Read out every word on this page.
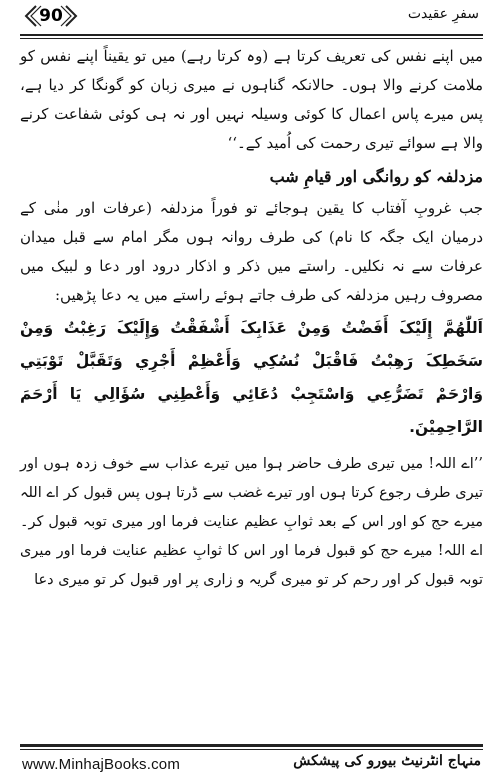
90	سفرِ عقیدت

میں اپنے نفس کی تعریف کرتا ہے (وہ کرتا رہے) میں تو یقیناً اپنے نفس کو ملامت کرنے والا ہوں۔ حالانکہ گناہوں نے میری زبان کو گونگا کر دیا ہے، پس میرے پاس اعمال کا کوئی وسیلہ نہیں اور نہ ہی کوئی شفاعت کرنے والا ہے سوائے تیری رحمت کی اُمید کے۔‘‘

مزدلفہ کو روانگی اور قیامِ شب

جب غروبِ آفتاب کا یقین ہوجائے تو فوراً مزدلفہ (عرفات اور منٰی کے درمیان ایک جگہ کا نام) کی طرف روانہ ہوں مگر امام سے قبل میدان عرفات سے نہ نکلیں۔ راستے میں ذکر و اذکار درود اور دعا و لبیک میں مصروف رہیں مزدلفہ کی طرف جاتے ہوئے راستے میں یہ دعا پڑھیں:

اَللّٰهُمَّ إِلَيْکَ أَفَضْتُ وَمِنْ عَذَابِکَ أَشْفَقْتُ وَإِلَيْکَ رَغِبْتُ وَمِنْ سَخَطِکَ رَهِبْتُ فَاقْبَلْ نُسُکِي وَأَعْظِمْ أَجْرِي وَتَقَبَّلْ تَوْبَتِي وَارْحَمْ تَضَرُّعِي وَاسْتَجِبْ دُعَائِي وَأَعْطِنِي سُؤَالِي يَا أَرْحَمَ الرَّاحِمِيْنَ.

’’اے اللہ! میں تیری طرف حاضر ہوا میں تیرے عذاب سے خوف زدہ ہوں اور تیری طرف رجوع کرتا ہوں اور تیرے غضب سے ڈرتا ہوں پس قبول کر اے اللہ میرے حج کو اور اس کے بعد ثوابِ عظیم عنایت فرما اور میری توبہ قبول کر۔ اے اللہ! میرے حج کو قبول فرما اور اس کا ثوابِ عظیم عنایت فرما اور میری توبہ قبول کر اور رحم کر تو میری گریہ و زاری پر اور قبول کر تو میری دعا

www.MinhajBooks.com	منہاج انٹرنیٹ بیورو کی پیشکش
